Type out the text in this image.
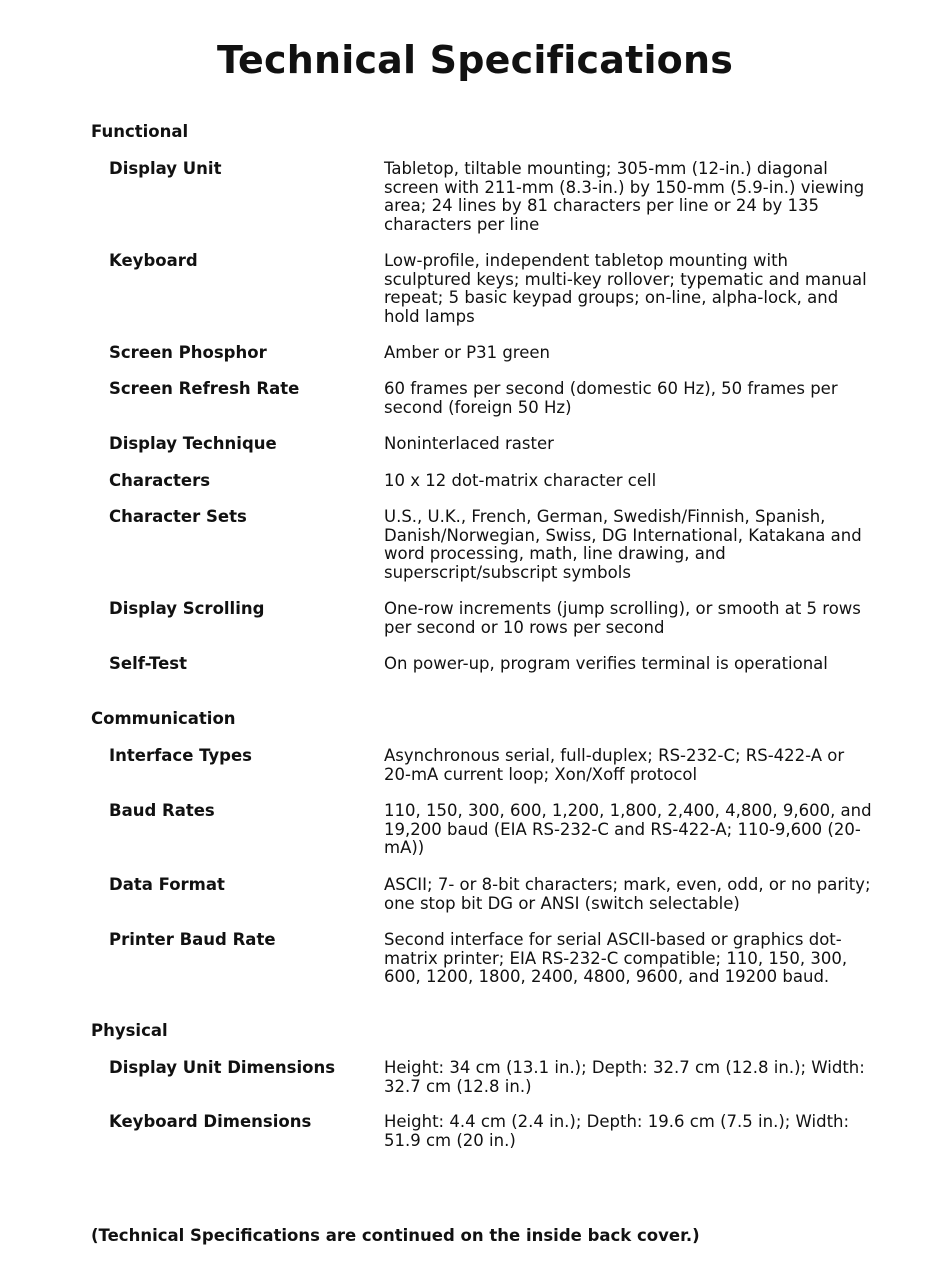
Technical Specifications
Functional
Display Unit	Tabletop, tiltable mounting; 305-mm (12-in.) diagonal screen with 211-mm (8.3-in.) by 150-mm (5.9-in.) viewing area; 24 lines by 81 characters per line or 24 by 135 characters per line
Keyboard	Low-profile, independent tabletop mounting with sculptured keys; multi-key rollover; typematic and manual repeat; 5 basic keypad groups; on-line, alpha-lock, and hold lamps
Screen Phosphor	Amber or P31 green
Screen Refresh Rate	60 frames per second (domestic 60 Hz), 50 frames per second (foreign 50 Hz)
Display Technique	Noninterlaced raster
Characters	10 x 12 dot-matrix character cell
Character Sets	U.S., U.K., French, German, Swedish/Finnish, Spanish, Danish/Norwegian, Swiss, DG International, Katakana and word processing, math, line drawing, and superscript/subscript symbols
Display Scrolling	One-row increments (jump scrolling), or smooth at 5 rows per second or 10 rows per second
Self-Test	On power-up, program verifies terminal is operational
Communication
Interface Types	Asynchronous serial, full-duplex; RS-232-C; RS-422-A or 20-mA current loop; Xon/Xoff protocol
Baud Rates	110, 150, 300, 600, 1,200, 1,800, 2,400, 4,800, 9,600, and 19,200 baud (EIA RS-232-C and RS-422-A; 110-9,600 (20-mA))
Data Format	ASCII; 7- or 8-bit characters; mark, even, odd, or no parity; one stop bit DG or ANSI (switch selectable)
Printer Baud Rate	Second interface for serial ASCII-based or graphics dot-matrix printer; EIA RS-232-C compatible; 110, 150, 300, 600, 1200, 1800, 2400, 4800, 9600, and 19200 baud.
Physical
Display Unit Dimensions	Height: 34 cm (13.1 in.); Depth: 32.7 cm (12.8 in.); Width: 32.7 cm (12.8 in.)
Keyboard Dimensions	Height: 4.4 cm (2.4 in.); Depth: 19.6 cm (7.5 in.); Width: 51.9 cm (20 in.)
(Technical Specifications are continued on the inside back cover.)
